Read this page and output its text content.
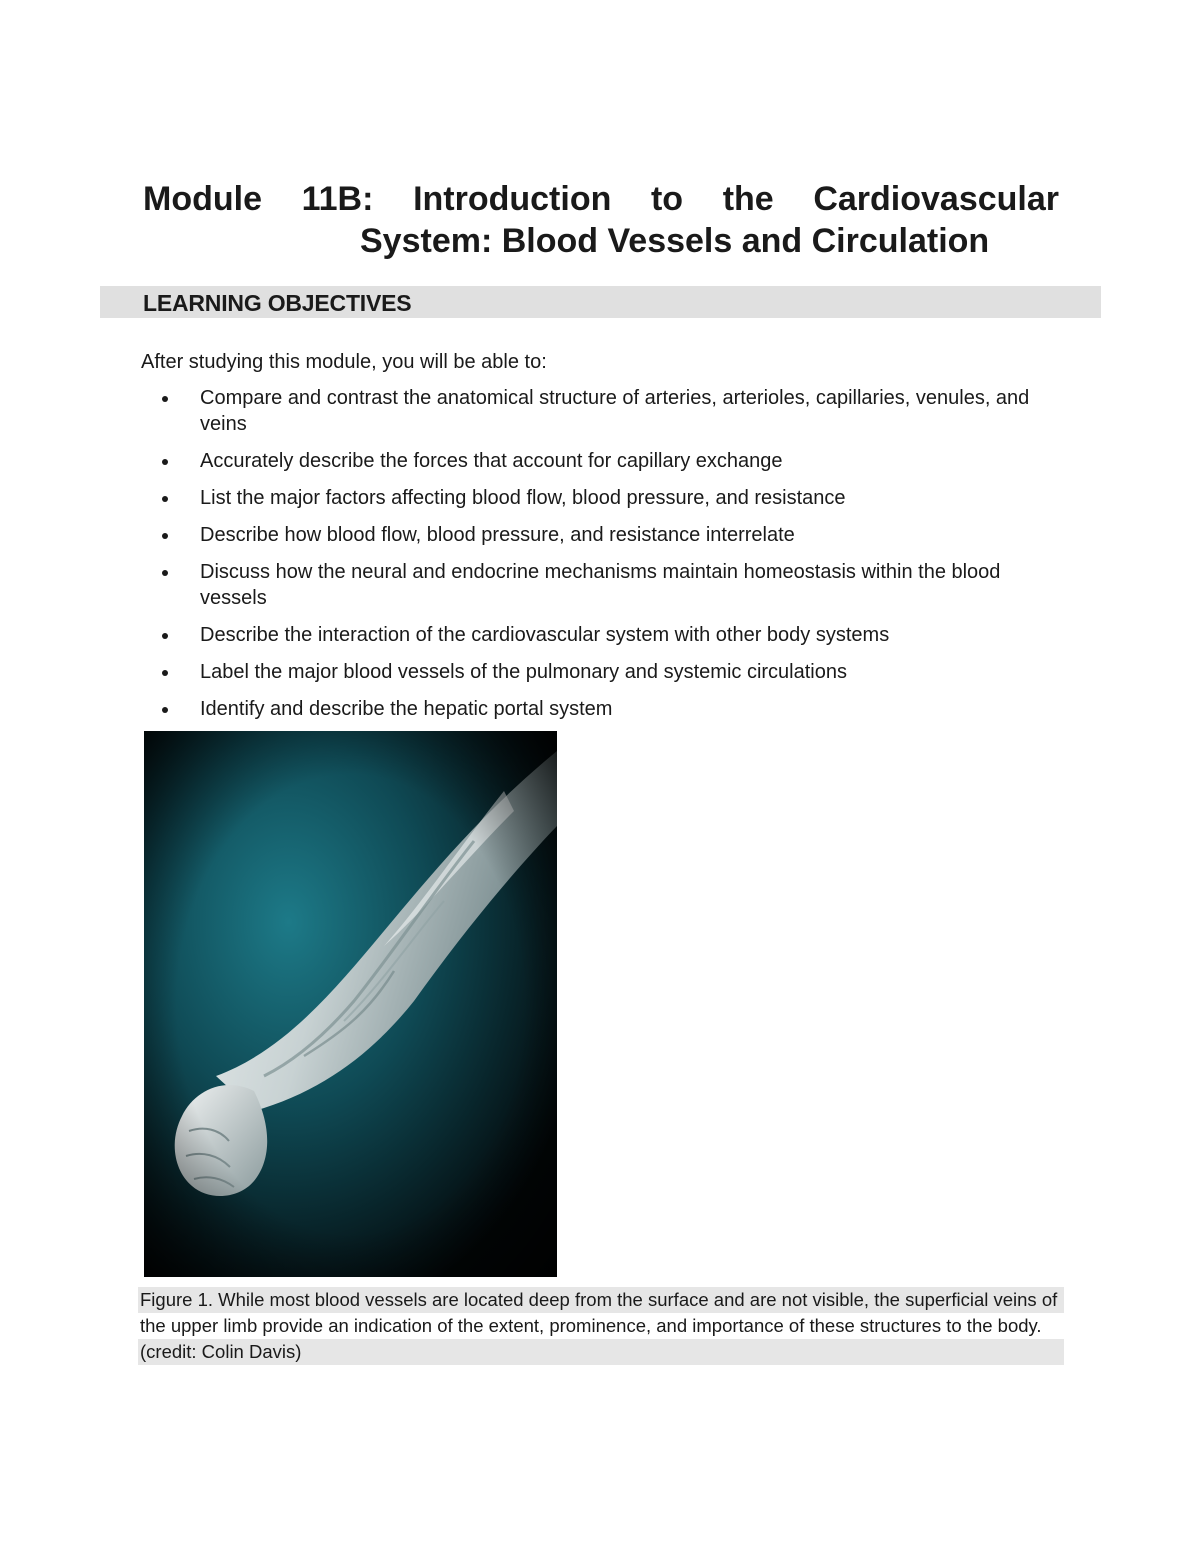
Module 11B: Introduction to the Cardiovascular
System: Blood Vessels and Circulation
LEARNING OBJECTIVES
After studying this module, you will be able to:
Compare and contrast the anatomical structure of arteries, arterioles, capillaries, venules, and veins
Accurately describe the forces that account for capillary exchange
List the major factors affecting blood flow, blood pressure, and resistance
Describe how blood flow, blood pressure, and resistance interrelate
Discuss how the neural and endocrine mechanisms maintain homeostasis within the blood vessels
Describe the interaction of the cardiovascular system with other body systems
Label the major blood vessels of the pulmonary and systemic circulations
Identify and describe the hepatic portal system
Figure 1. While most blood vessels are located deep from the surface and are not visible, the superficial veins of
the upper limb provide an indication of the extent, prominence, and importance of these structures to the body.
(credit: Colin Davis)
